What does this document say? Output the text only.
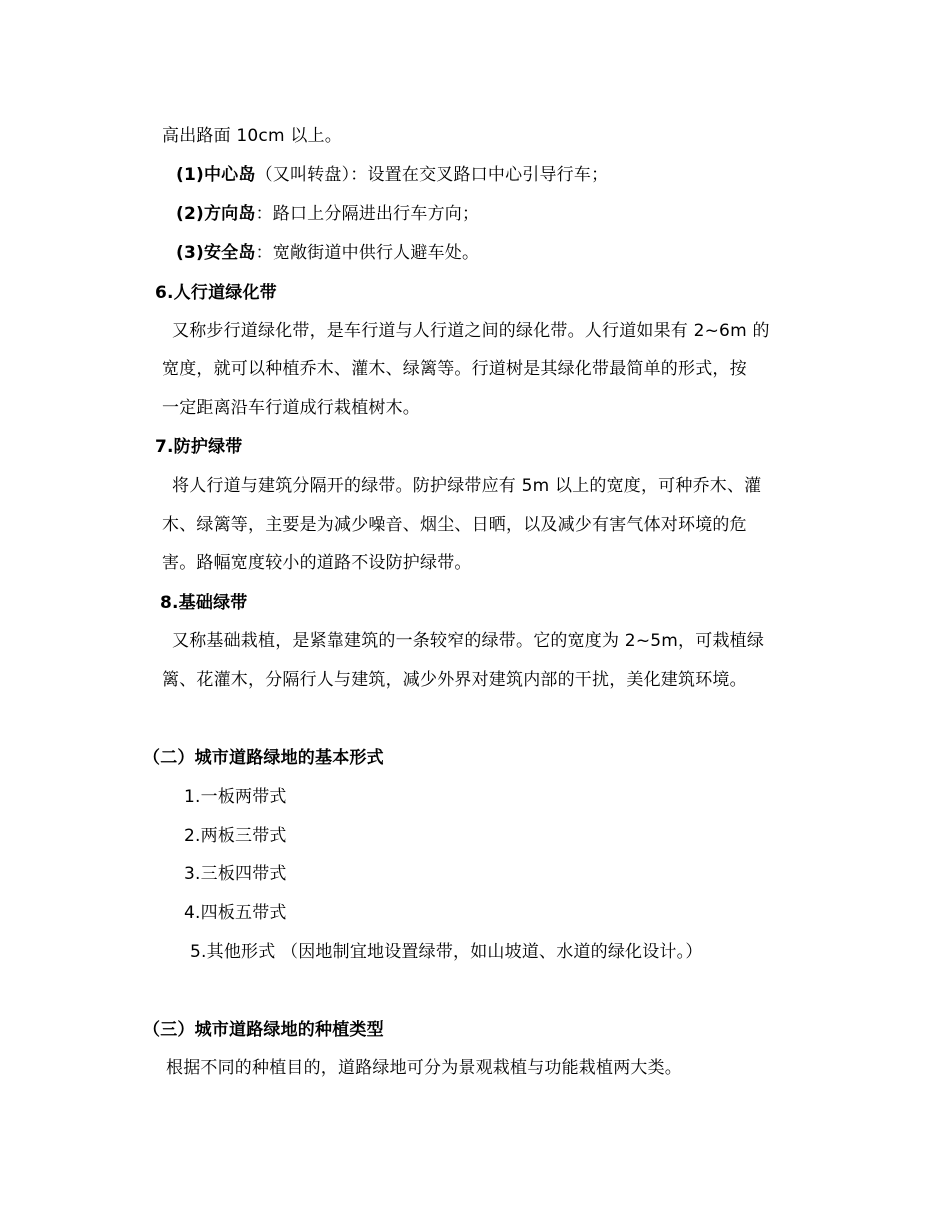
高出路面 10cm 以上。

(1)中心岛（又叫转盘）：设置在交叉路口中心引导行车；

(2)方向岛：路口上分隔进出行车方向；

(3)安全岛：宽敞街道中供行人避车处。

6.人行道绿化带

又称步行道绿化带，是车行道与人行道之间的绿化带。人行道如果有 2~6m 的

宽度，就可以种植乔木、灌木、绿篱等。行道树是其绿化带最简单的形式，按

一定距离沿车行道成行栽植树木。

7.防护绿带

将人行道与建筑分隔开的绿带。防护绿带应有 5m 以上的宽度，可种乔木、灌

木、绿篱等，主要是为减少噪音、烟尘、日晒，以及减少有害气体对环境的危

害。路幅宽度较小的道路不设防护绿带。

8.基础绿带

又称基础栽植，是紧靠建筑的一条较窄的绿带。它的宽度为 2~5m，可栽植绿

篱、花灌木，分隔行人与建筑，减少外界对建筑内部的干扰，美化建筑环境。

（二）城市道路绿地的基本形式

1.一板两带式

2.两板三带式

3.三板四带式

4.四板五带式

5.其他形式 （因地制宜地设置绿带，如山坡道、水道的绿化设计。）

（三）城市道路绿地的种植类型

根据不同的种植目的，道路绿地可分为景观栽植与功能栽植两大类。
